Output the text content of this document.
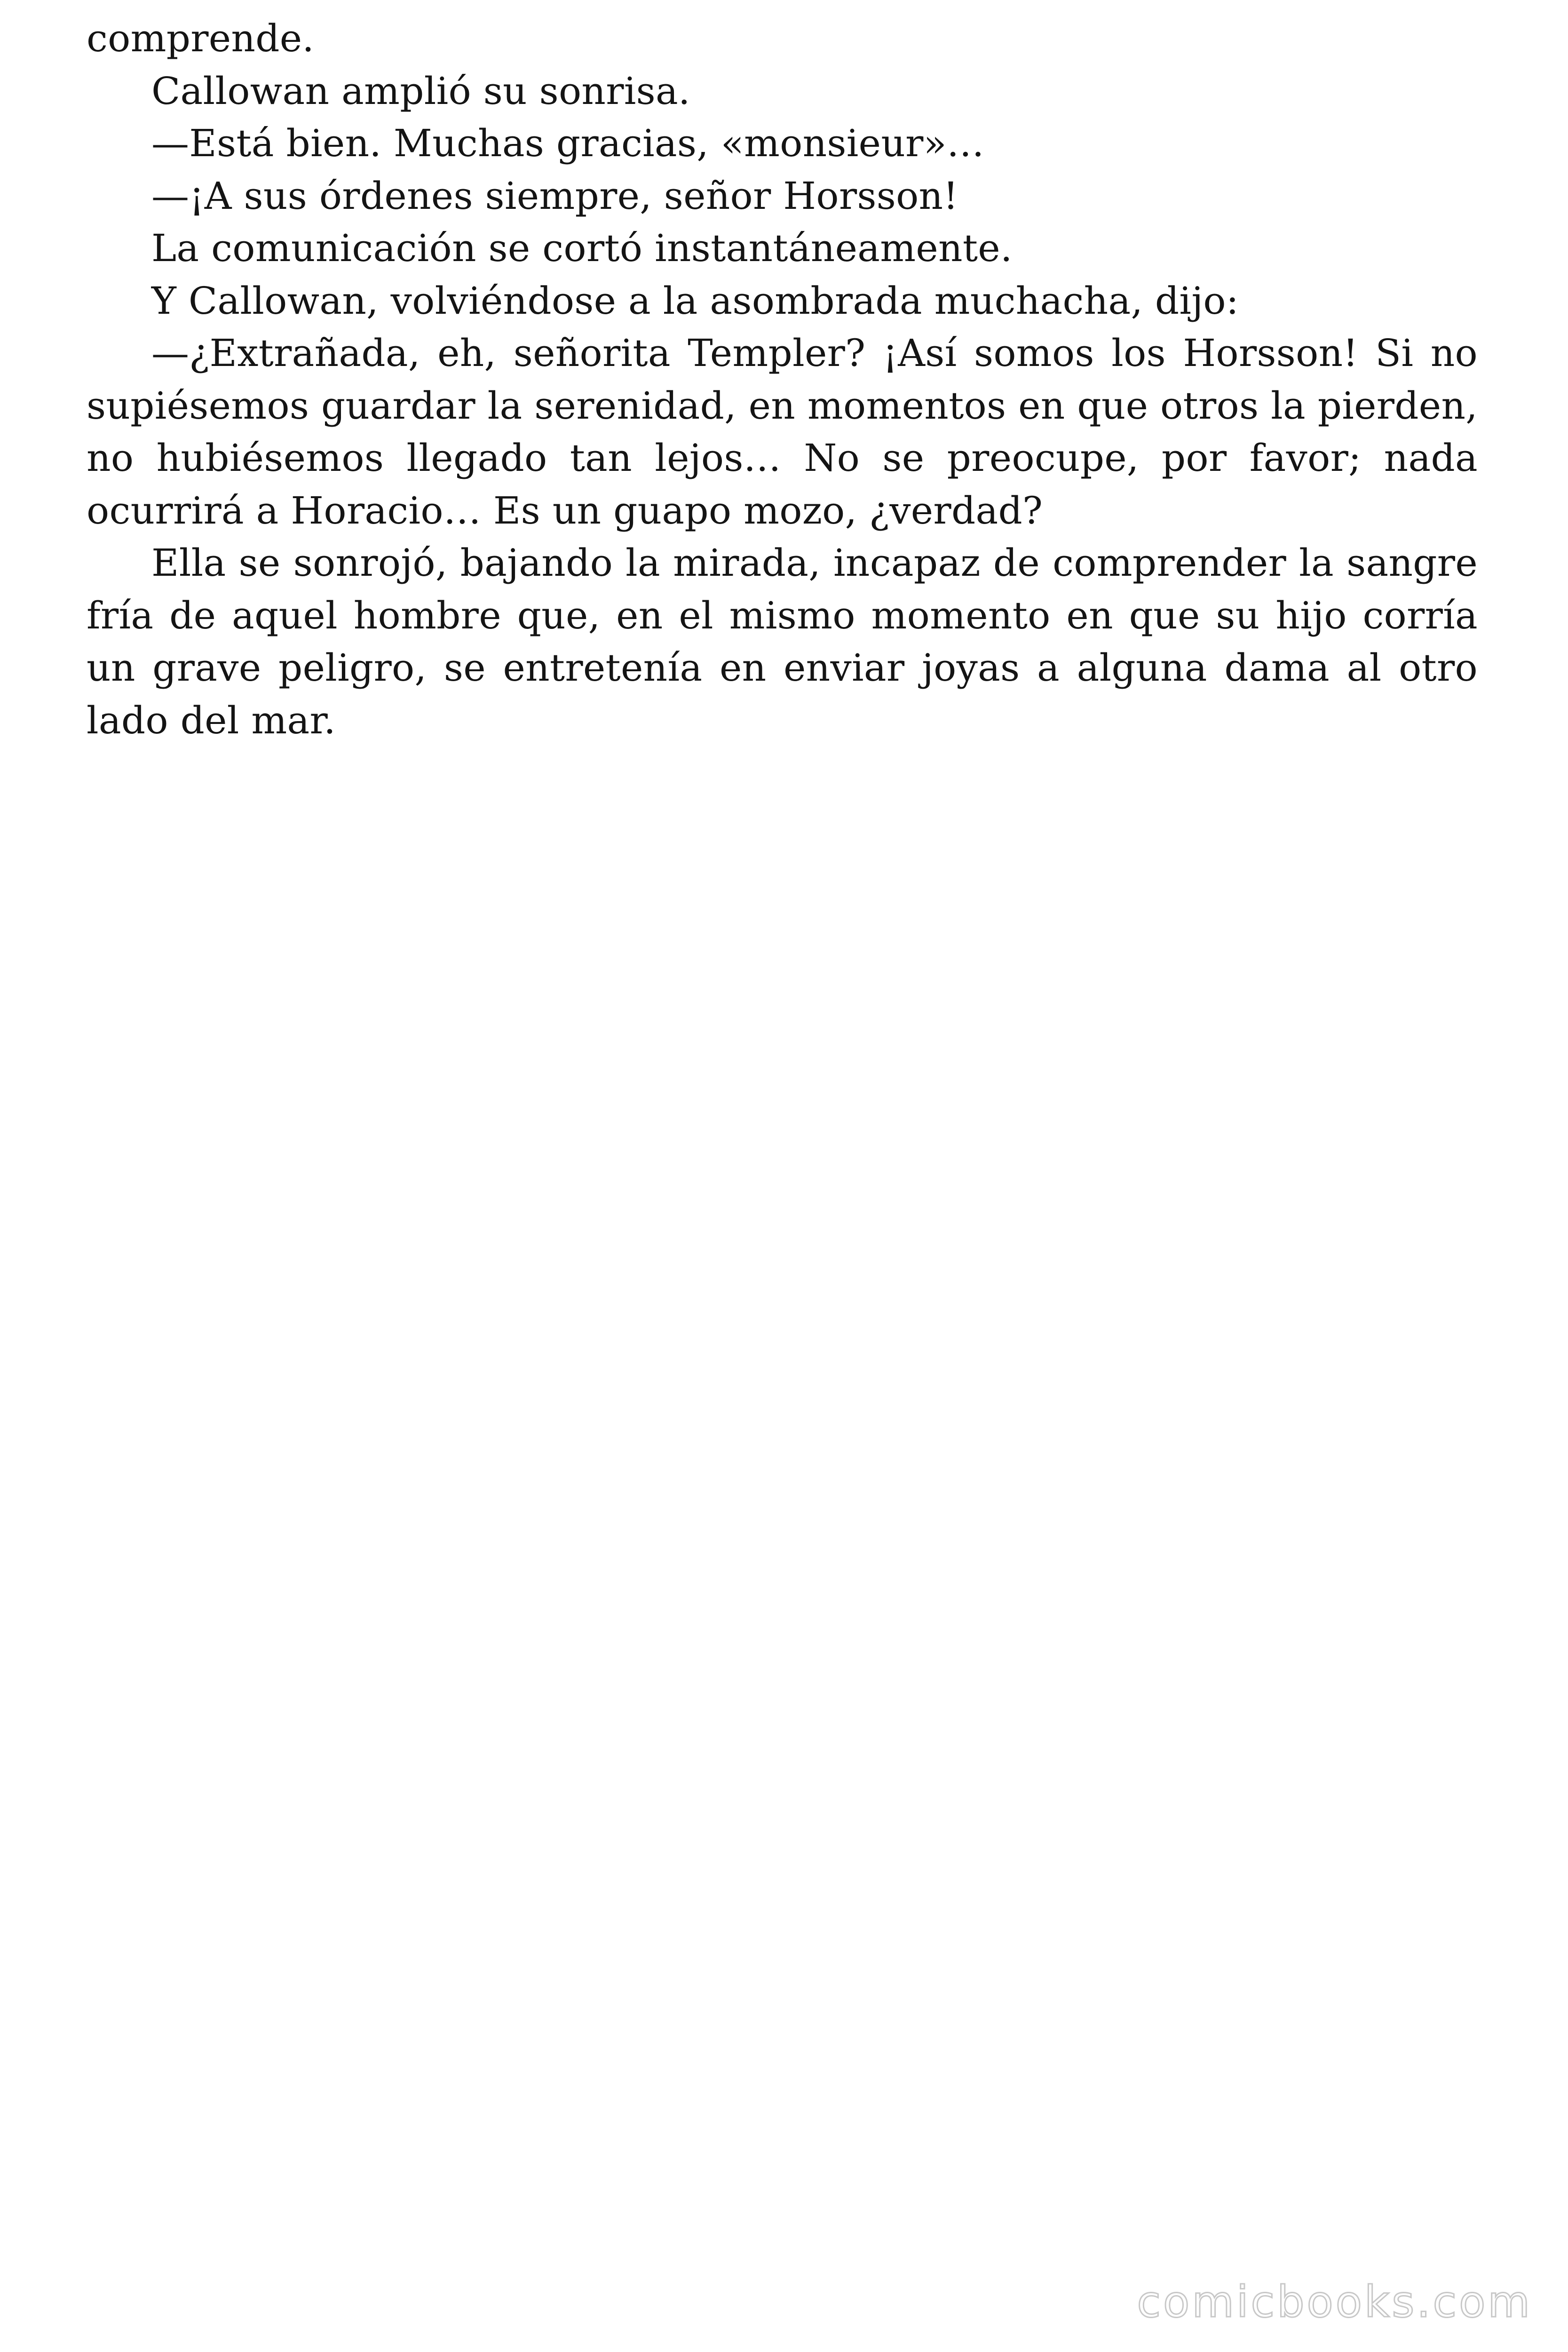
comprende.

Callowan amplió su sonrisa.

—Está bien. Muchas gracias, «monsieur»…

—¡A sus órdenes siempre, señor Horsson!

La comunicación se cortó instantáneamente.

Y Callowan, volviéndose a la asombrada muchacha, dijo:

—¿Extrañada, eh, señorita Templer? ¡Así somos los Horsson! Si no supiésemos guardar la serenidad, en momentos en que otros la pierden, no hubiésemos llegado tan lejos… No se preocupe, por favor; nada ocurrirá a Horacio… Es un guapo mozo, ¿verdad?

Ella se sonrojó, bajando la mirada, incapaz de comprender la sangre fría de aquel hombre que, en el mismo momento en que su hijo corría un grave peligro, se entretenía en enviar joyas a alguna dama al otro lado del mar.

comicbooks.com
